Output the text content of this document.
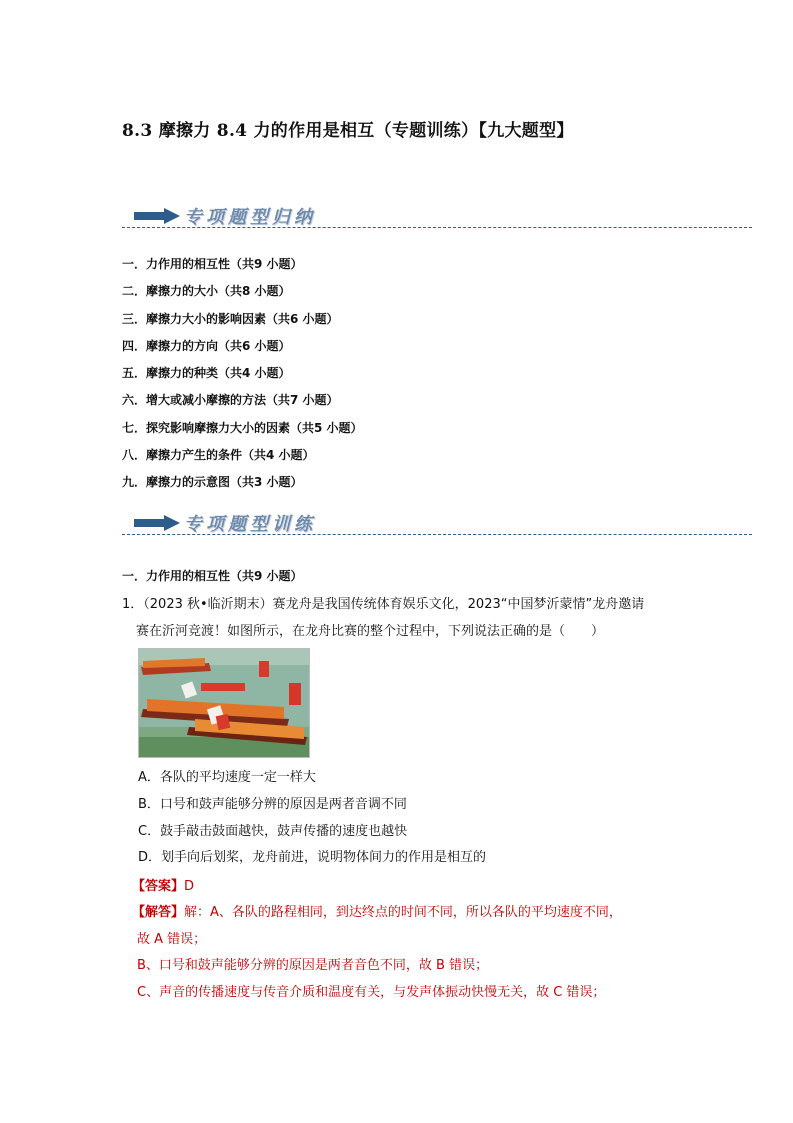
8.3 摩擦力 8.4 力的作用是相互（专题训练）【九大题型】
专项题型归纳
一．力作用的相互性（共9 小题）
二．摩擦力的大小（共8 小题）
三．摩擦力大小的影响因素（共6 小题）
四．摩擦力的方向（共6 小题）
五．摩擦力的种类（共4 小题）
六．增大或减小摩擦的方法（共7 小题）
七．探究影响摩擦力大小的因素（共5 小题）
八．摩擦力产生的条件（共4 小题）
九．摩擦力的示意图（共3 小题）
专项题型训练
一．力作用的相互性（共9 小题）
1．（2023 秋•临沂期末）赛龙舟是我国传统体育娱乐文化，2023“中国梦沂蒙情”龙舟邀请
赛在沂河竞渡！如图所示，在龙舟比赛的整个过程中，下列说法正确的是（　　）
A．各队的平均速度一定一样大
B．口号和鼓声能够分辨的原因是两者音调不同
C．鼓手敲击鼓面越快，鼓声传播的速度也越快
D．划手向后划桨，龙舟前进，说明物体间力的作用是相互的
【答案】D
【解答】解：A、各队的路程相同，到达终点的时间不同，所以各队的平均速度不同，
故 A 错误；
B、口号和鼓声能够分辨的原因是两者音色不同，故 B 错误；
C、声音的传播速度与传音介质和温度有关，与发声体振动快慢无关，故 C 错误；
